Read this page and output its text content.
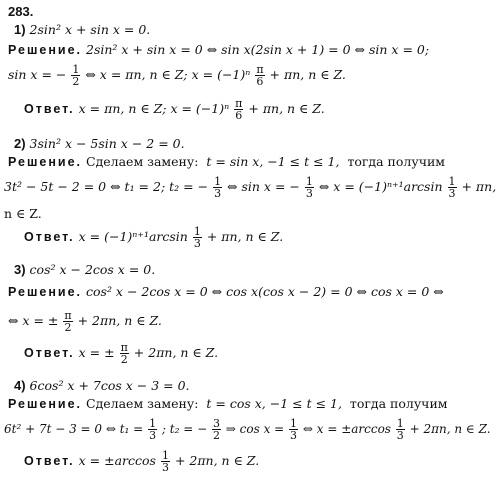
283.
1) 2sin² x + sin x = 0.
Решение. 2sin² x + sin x = 0 ⇔ sin x(2sin x + 1) = 0 ⇔ sin x = 0;
sin x = − $\frac{1}{2}$ ⇔ x = πn, n ∈ Z; $x = (-1)^n \frac{\pi}{6} + \pi n$, n ∈ Z.
Ответ. x = πn, n ∈ Z; $x = (-1)^n \frac{\pi}{6} + \pi n$, n ∈ Z.
2) 3sin² x − 5sin x − 2 = 0.
Решение. Сделаем замену: t = sin x, −1 ≤ t ≤ 1, тогда получим
3t² − 5t − 2 = 0 ⇔ t₁ = 2; t₂ = − $\frac{1}{3}$ ⇔ sin x = − $\frac{1}{3}$ ⇔ $x = (-1)^{n+1}\arcsin \frac{1}{3} + \pi n$,
n ∈ Z.
Ответ. $x = (-1)^{n+1}\arcsin \frac{1}{3} + \pi n$, n ∈ Z.
3) cos² x − 2cos x = 0.
Решение. cos² x − 2cos x = 0 ⇔ cos x(cos x − 2) = 0 ⇔ cos x = 0 ⇔
⇔ x = ± $\frac{\pi}{2} + 2\pi n$, n ∈ Z.
Ответ. x = ± $\frac{\pi}{2} + 2\pi n$, n ∈ Z.
4) 6cos² x + 7cos x − 3 = 0.
Решение. Сделаем замену: t = cos x, −1 ≤ t ≤ 1, тогда получим
6t² + 7t − 3 = 0 ⇔ $t_1 = \frac{1}{3}$ ; t₂ = − $\frac{3}{2}$ ⇒ $\cos x = \frac{1}{3}$ ⇔ $x = \pm\arccos \frac{1}{3} + 2\pi n$, n ∈ Z.
Ответ. $x = \pm\arccos \frac{1}{3} + 2\pi n$, n ∈ Z.
